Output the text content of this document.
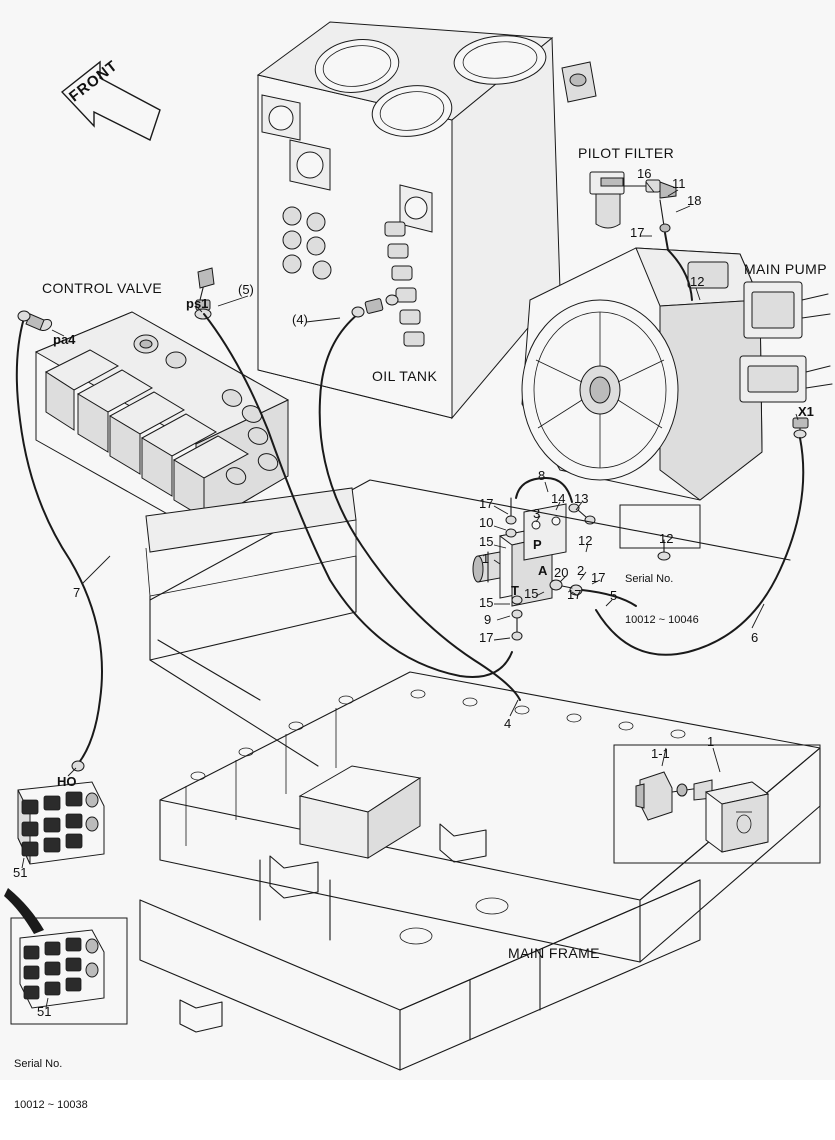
FRONT
CONTROL VALVE
OIL TANK
PILOT FILTER
MAIN PUMP
MAIN FRAME
ps1
pa4
X1
HO
P
A
T
(5)
(4)
16
11
18
17
12
7
8
17	14 13
10
3
12
15
1
20 2 17
15
15 17 5
9
17	6
4
12
51
51
1-1
1

Serial No.

10012 ~ 10046

Serial No.

10012 ~ 10038
